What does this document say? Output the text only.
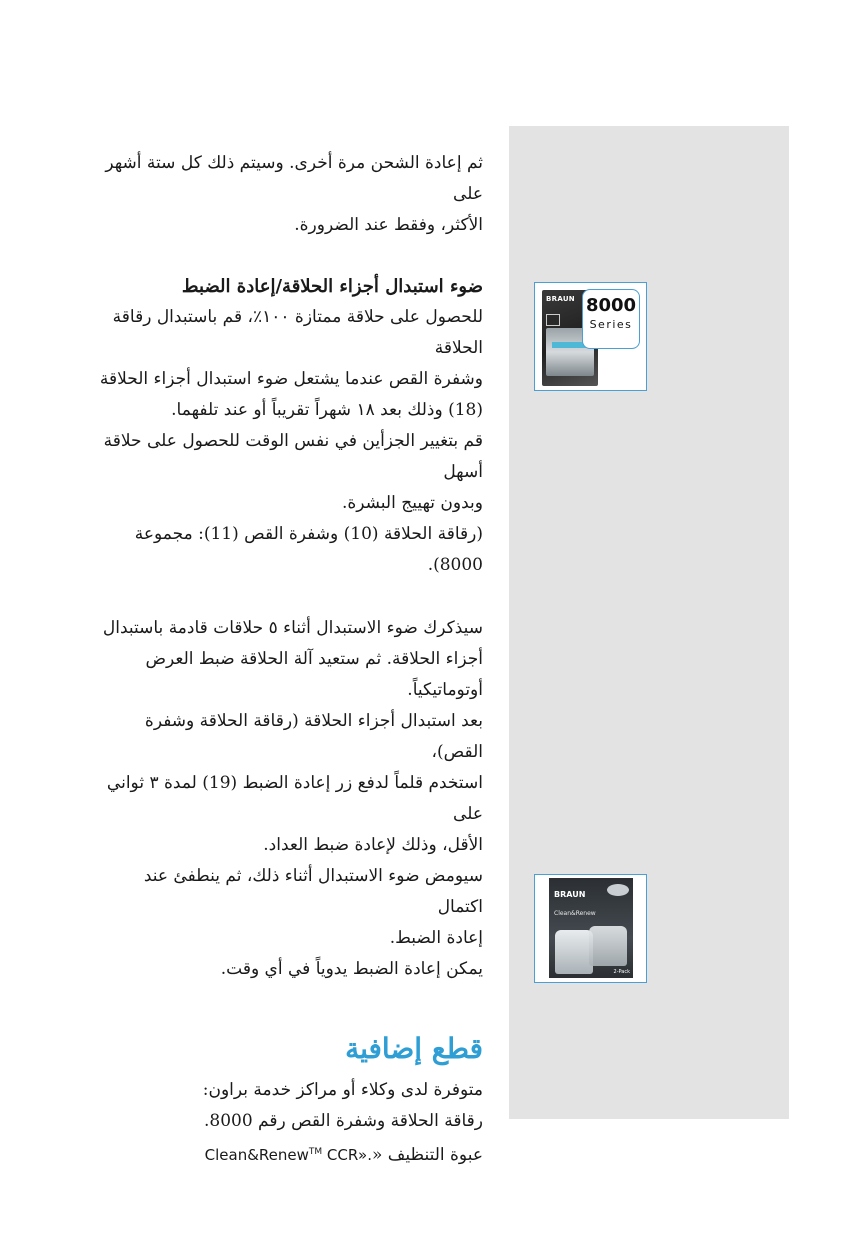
ثم إعادة الشحن مرة أخرى. وسيتم ذلك كل ستة أشهر على

الأكثر، وفقط عند الضرورة.

ضوء استبدال أجزاء الحلاقة/إعادة الضبط

للحصول على حلاقة ممتازة ١٠٠٪، قم باستبدال رقاقة الحلاقة

وشفرة القص عندما يشتعل ضوء استبدال أجزاء الحلاقة

(18) وذلك بعد ١٨ شهراً تقريباً أو عند تلفهما.

قم بتغيير الجزأين في نفس الوقت للحصول على حلاقة أسهل

وبدون تهييج البشرة.

(رقاقة الحلاقة (10) وشفرة القص (11): مجموعة 8000).

سيذكرك ضوء الاستبدال أثناء ٥ حلاقات قادمة باستبدال

أجزاء الحلاقة. ثم ستعيد آلة الحلاقة ضبط العرض

أوتوماتيكياً.

بعد استبدال أجزاء الحلاقة (رقاقة الحلاقة وشفرة القص)،

استخدم قلماً لدفع زر إعادة الضبط (19) لمدة ٣ ثواني على

الأقل، وذلك لإعادة ضبط العداد.

سيومض ضوء الاستبدال أثناء ذلك، ثم ينطفئ عند اكتمال

إعادة الضبط.

يمكن إعادة الضبط يدوياً في أي وقت.

قطع إضافية

متوفرة لدى وكلاء أو مراكز خدمة براون:

رقاقة الحلاقة وشفرة القص رقم 8000.

عبوة التنظيف «Clean&Renew™ CCR».

BRAUN 8000
Series
BRAUN
Clean&Renew
2-Pack
